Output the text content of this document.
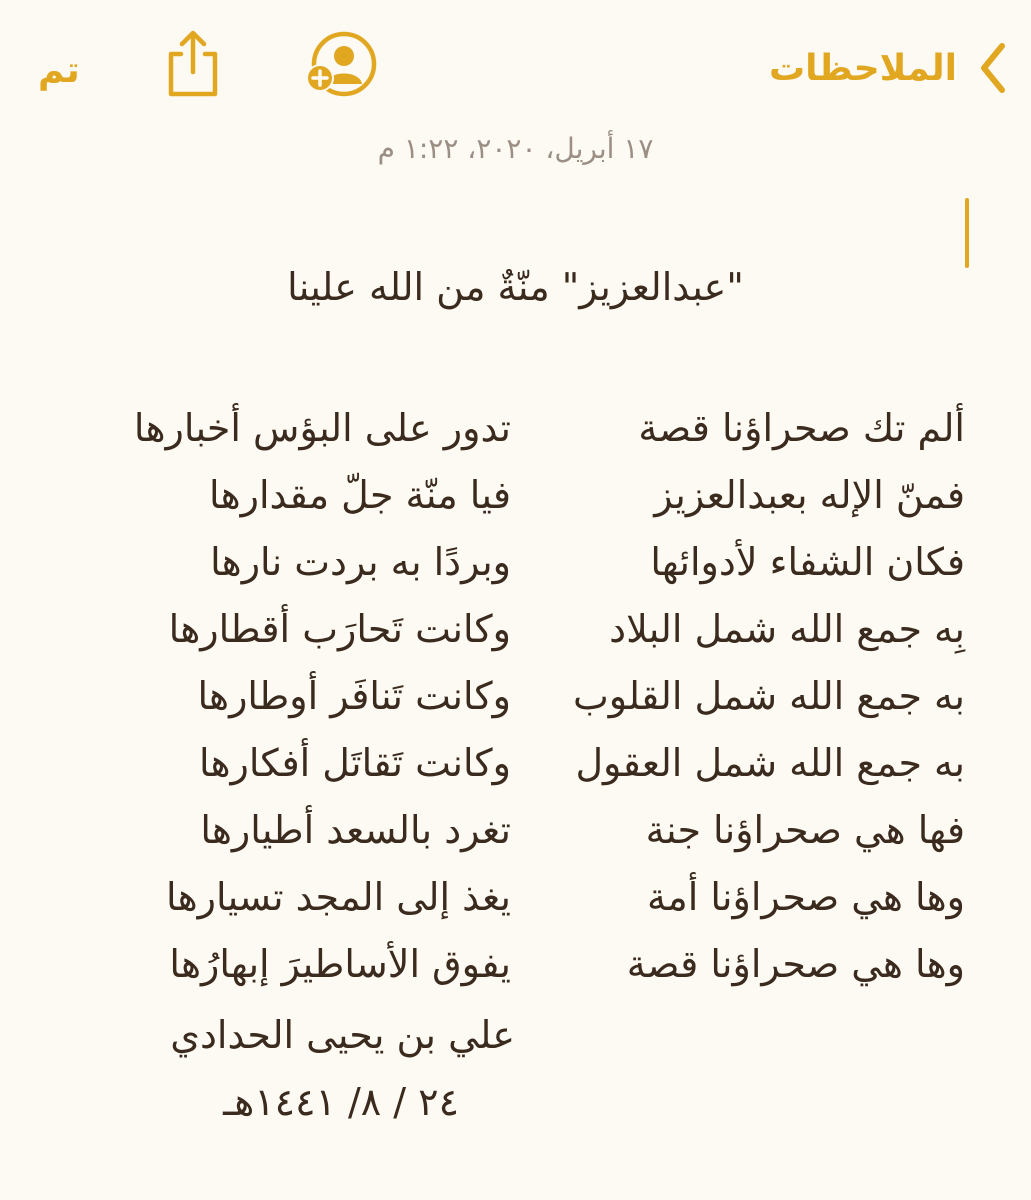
الملاحظات
تم
١٧ أبريل، ٢٠٢٠، ١:٢٢ م
"عبدالعزيز" منّةٌ من الله علينا
ألم تك صحراؤنا قصة
تدور على البؤس أخبارها
فمنّ الإله بعبدالعزيز
فيا منّة جلّ مقدارها
فكان الشفاء لأدوائها
وبردًا به بردت نارها
بِه جمع الله شمل البلاد
وكانت تَحارَب أقطارها
به جمع الله شمل القلوب
وكانت تَنافَر أوطارها
به جمع الله شمل العقول
وكانت تَقاتَل أفكارها
فها هي صحراؤنا جنة
تغرد بالسعد أطيارها
وها هي صحراؤنا أمة
يغذ إلى المجد تسيارها
وها هي صحراؤنا قصة
يفوق الأساطيرَ إبهارُها
علي بن يحيى الحدادي
٢٤ / ٨/ ١٤٤١هـ
